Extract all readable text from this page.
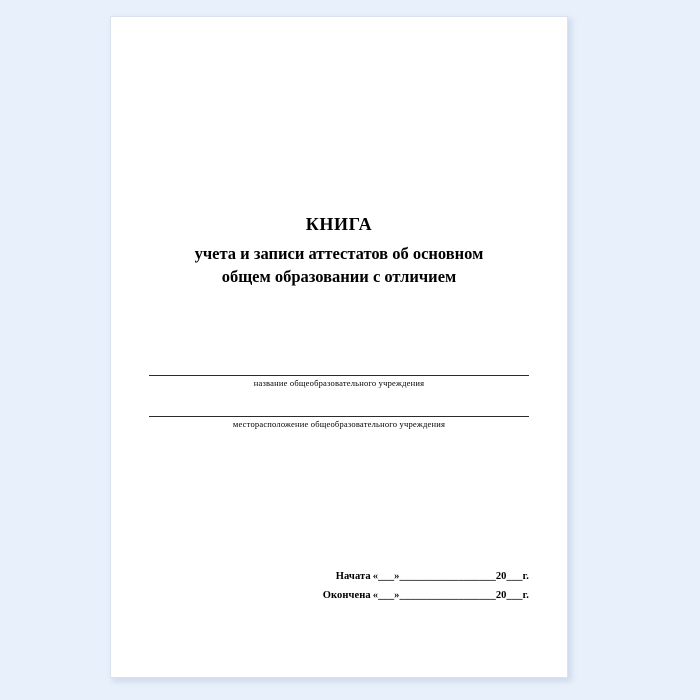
КНИГА
учета и записи аттестатов об основном
общем образовании с отличием
название общеобразовательного учреждения
месторасположение общеобразовательного учреждения
Начата «___»__________________20___г.
Окончена «___»__________________20___г.
